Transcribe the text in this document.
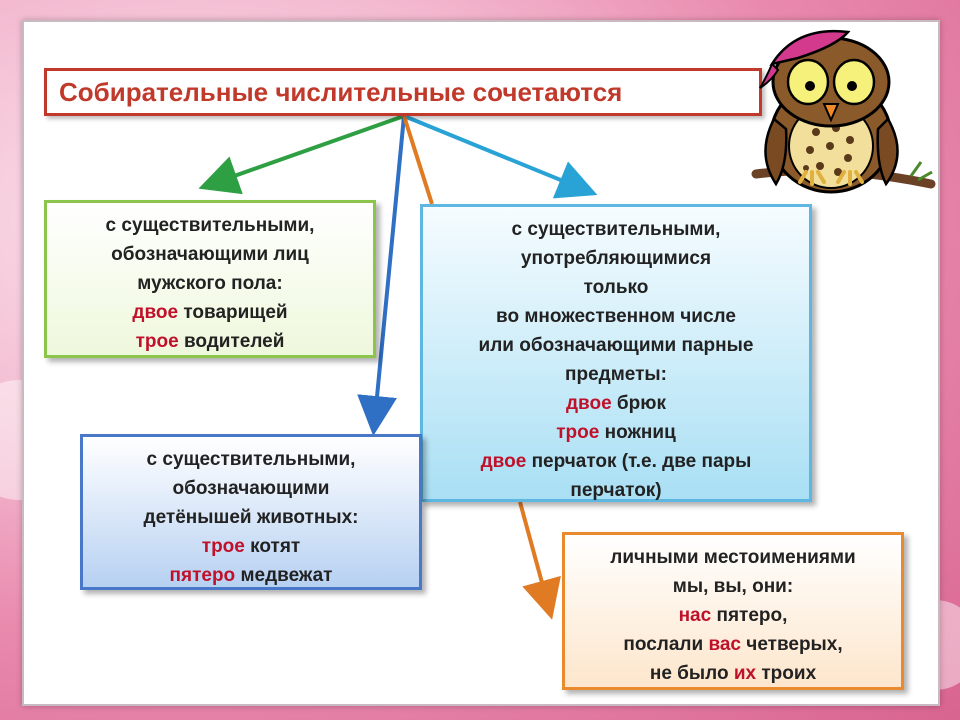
Собирательные числительные сочетаются
с существительными,
обозначающими лиц
мужского пола:
двое товарищей
трое водителей
с существительными,
употребляющимися
только
во множественном числе
или обозначающими парные
предметы:
двое брюк
трое ножниц
двое перчаток (т.е. две пары
перчаток)
с существительными,
обозначающими
детёнышей животных:
трое котят
пятеро медвежат
личными местоимениями
мы, вы, они:
нас пятеро,
послали вас четверых,
не было их троих
